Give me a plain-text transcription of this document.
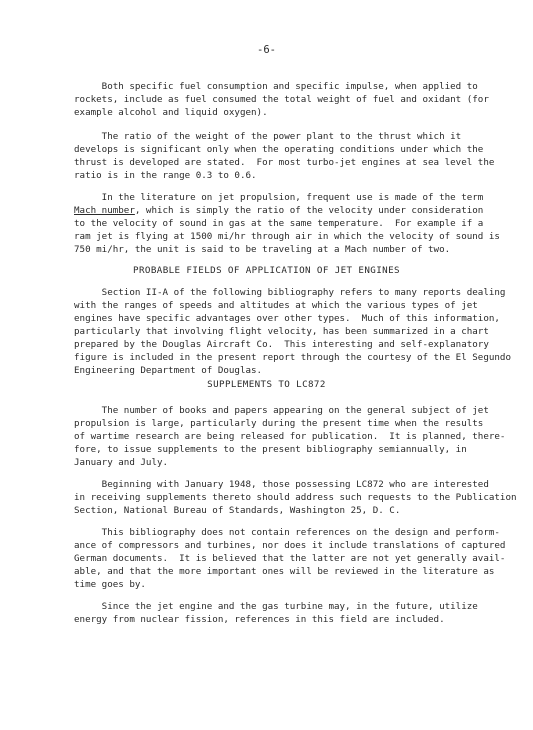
-6-
Both specific fuel consumption and specific impulse, when applied to
rockets, include as fuel consumed the total weight of fuel and oxidant (for
example alcohol and liquid oxygen).
The ratio of the weight of the power plant to the thrust which it
develops is significant only when the operating conditions under which the
thrust is developed are stated.  For most turbo-jet engines at sea level the
ratio is in the range 0.3 to 0.6.
In the literature on jet propulsion, frequent use is made of the term
Mach number, which is simply the ratio of the velocity under consideration
to the velocity of sound in gas at the same temperature.  For example if a
ram jet is flying at 1500 mi/hr through air in which the velocity of sound is
750 mi/hr, the unit is said to be traveling at a Mach number of two.
PROBABLE FIELDS OF APPLICATION OF JET ENGINES
Section II-A of the following bibliography refers to many reports dealing
with the ranges of speeds and altitudes at which the various types of jet
engines have specific advantages over other types.  Much of this information,
particularly that involving flight velocity, has been summarized in a chart
prepared by the Douglas Aircraft Co.  This interesting and self-explanatory
figure is included in the present report through the courtesy of the El Segundo
Engineering Department of Douglas.
SUPPLEMENTS TO LC872
The number of books and papers appearing on the general subject of jet
propulsion is large, particularly during the present time when the results
of wartime research are being released for publication.  It is planned, there-
fore, to issue supplements to the present bibliography semiannually, in
January and July.
Beginning with January 1948, those possessing LC872 who are interested
in receiving supplements thereto should address such requests to the Publication
Section, National Bureau of Standards, Washington 25, D. C.
This bibliography does not contain references on the design and perform-
ance of compressors and turbines, nor does it include translations of captured
German documents.  It is believed that the latter are not yet generally avail-
able, and that the more important ones will be reviewed in the literature as
time goes by.
Since the jet engine and the gas turbine may, in the future, utilize
energy from nuclear fission, references in this field are included.
